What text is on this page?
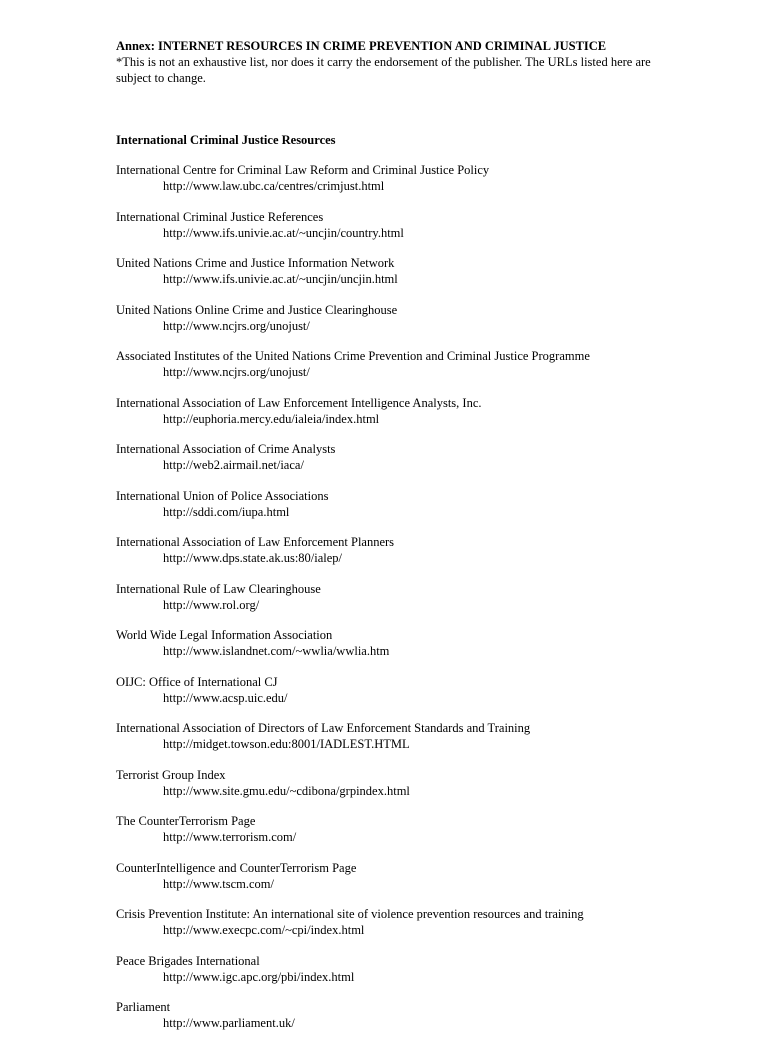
Annex: INTERNET RESOURCES IN CRIME PREVENTION AND CRIMINAL JUSTICE
*This is not an exhaustive list, nor does it carry the endorsement of the publisher. The URLs listed here are subject to change.
International Criminal Justice Resources
International Centre for Criminal Law Reform and Criminal Justice Policy
http://www.law.ubc.ca/centres/crimjust.html
International Criminal Justice References
http://www.ifs.univie.ac.at/~uncjin/country.html
United Nations Crime and Justice Information Network
http://www.ifs.univie.ac.at/~uncjin/uncjin.html
United Nations Online Crime and Justice Clearinghouse
http://www.ncjrs.org/unojust/
Associated Institutes of the United Nations Crime Prevention and Criminal Justice Programme
http://www.ncjrs.org/unojust/
International Association of Law Enforcement Intelligence Analysts, Inc.
http://euphoria.mercy.edu/ialeia/index.html
International Association of Crime Analysts
http://web2.airmail.net/iaca/
International Union of Police Associations
http://sddi.com/iupa.html
International Association of Law Enforcement Planners
http://www.dps.state.ak.us:80/ialep/
International Rule of Law Clearinghouse
http://www.rol.org/
World Wide Legal Information Association
http://www.islandnet.com/~wwlia/wwlia.htm
OIJC: Office of International CJ
http://www.acsp.uic.edu/
International Association of Directors of Law Enforcement Standards and Training
http://midget.towson.edu:8001/IADLEST.HTML
Terrorist Group Index
http://www.site.gmu.edu/~cdibona/grpindex.html
The CounterTerrorism Page
http://www.terrorism.com/
CounterIntelligence and CounterTerrorism Page
http://www.tscm.com/
Crisis Prevention Institute: An international site of violence prevention resources and training
http://www.execpc.com/~cpi/index.html
Peace Brigades International
http://www.igc.apc.org/pbi/index.html
Parliament
http://www.parliament.uk/
